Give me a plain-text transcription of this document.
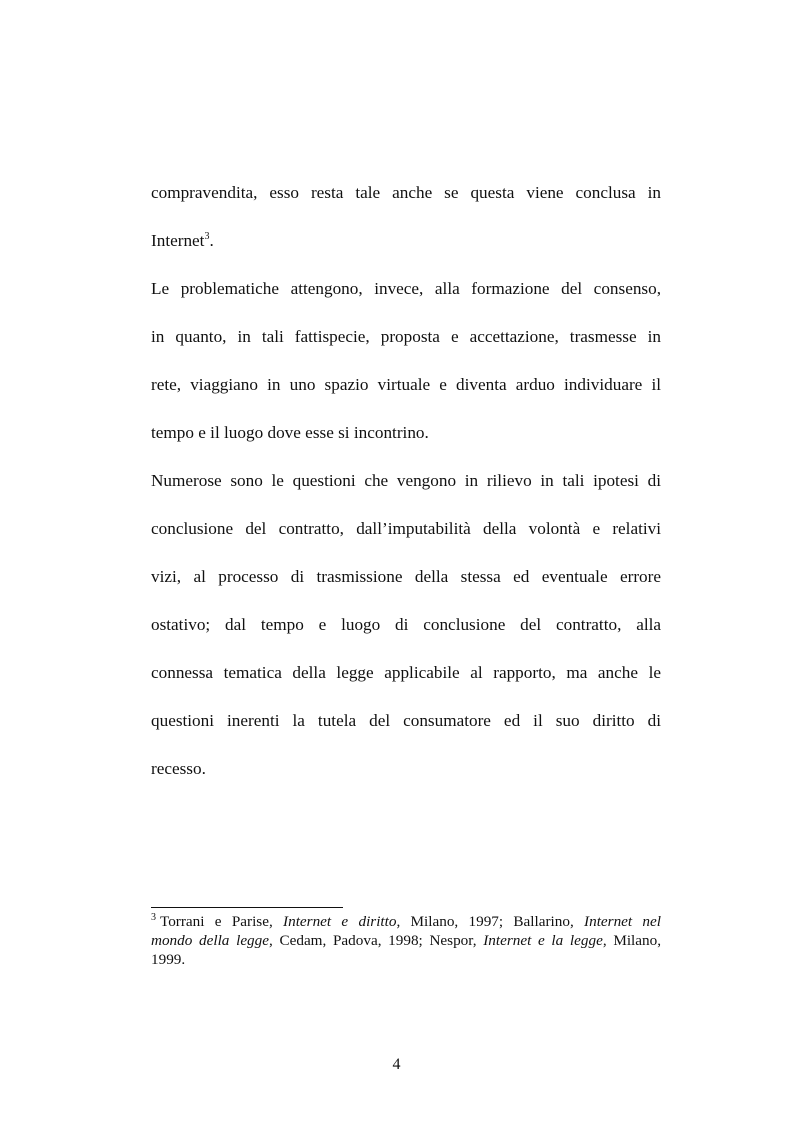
compravendita, esso resta tale anche se questa viene conclusa in
Internet$^3$.
Le problematiche attengono, invece, alla formazione del consenso,
in quanto, in tali fattispecie, proposta e accettazione, trasmesse in
rete, viaggiano in uno spazio virtuale e diventa arduo individuare il
tempo e il luogo dove esse si incontrino.
Numerose sono le questioni che vengono in rilievo in tali ipotesi di
conclusione del contratto, dall’imputabilità della volontà e relativi
vizi, al processo di trasmissione della stessa ed eventuale errore
ostativo; dal tempo e luogo di conclusione del contratto, alla
connessa tematica della legge applicabile al rapporto, ma anche le
questioni inerenti la tutela del consumatore ed il suo diritto di
recesso.
$^3$ Torrani e Parise, Internet e diritto, Milano, 1997; Ballarino, Internet nel
mondo della legge, Cedam, Padova, 1998; Nespor, Internet e la legge, Milano,
1999.
4
